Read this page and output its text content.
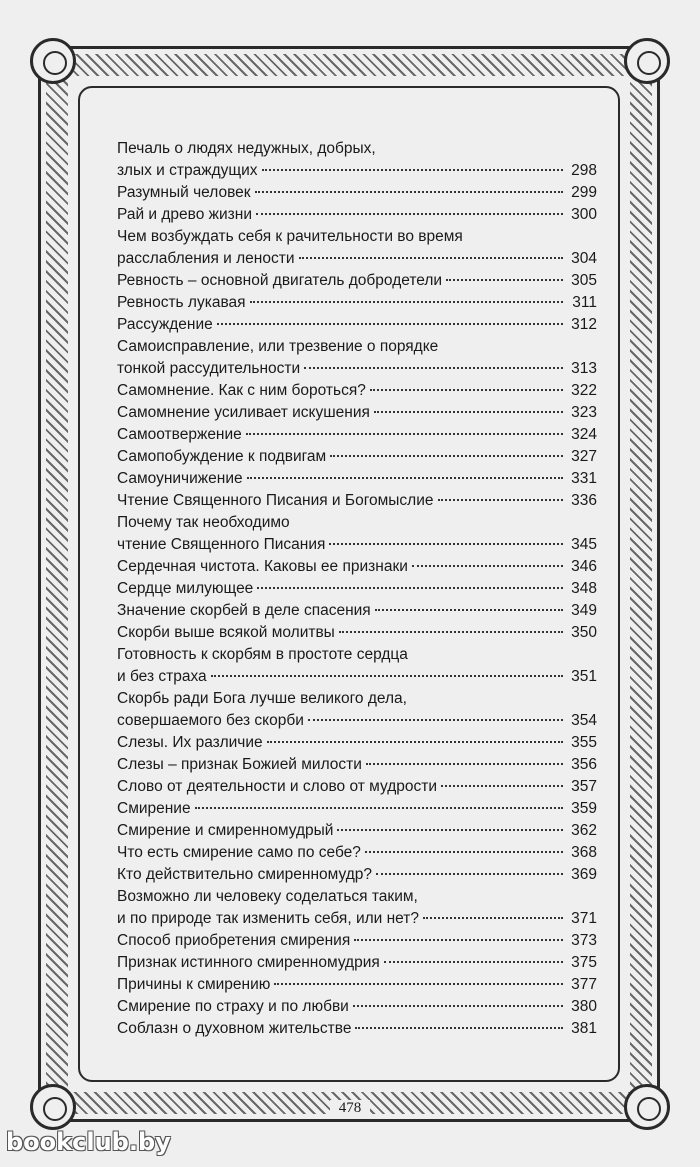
Печаль о людях недужных, добрых,
злых и страждущих	298
Разумный человек	299
Рай и древо жизни	300
Чем возбуждать себя к рачительности во время
расслабления и лености	304
Ревность – основной двигатель добродетели	305
Ревность лукавая	311
Рассуждение	312
Самоисправление, или трезвение о порядке
тонкой рассудительности	313
Самомнение. Как с ним бороться?	322
Самомнение усиливает искушения	323
Самоотвержение	324
Самопобуждение к подвигам	327
Самоуничижение	331
Чтение Священного Писания и Богомыслие	336
Почему так необходимо
чтение Священного Писания	345
Сердечная чистота. Каковы ее признаки	346
Сердце милующее	348
Значение скорбей в деле спасения	349
Скорби выше всякой молитвы	350
Готовность к скорбям в простоте сердца
и без страха	351
Скорбь ради Бога лучше великого дела,
совершаемого без скорби	354
Слезы. Их различие	355
Слезы – признак Божией милости	356
Слово от деятельности и слово от мудрости	357
Смирение	359
Смирение и смиренномудрый	362
Что есть смирение само по себе?	368
Кто действительно смиренномудр?	369
Возможно ли человеку соделаться таким,
и по природе так изменить себя, или нет?	371
Способ приобретения смирения	373
Признак истинного смиренномудрия	375
Причины к смирению	377
Смирение по страху и по любви	380
Соблазн о духовном жительстве	381
478
bookclub.by
